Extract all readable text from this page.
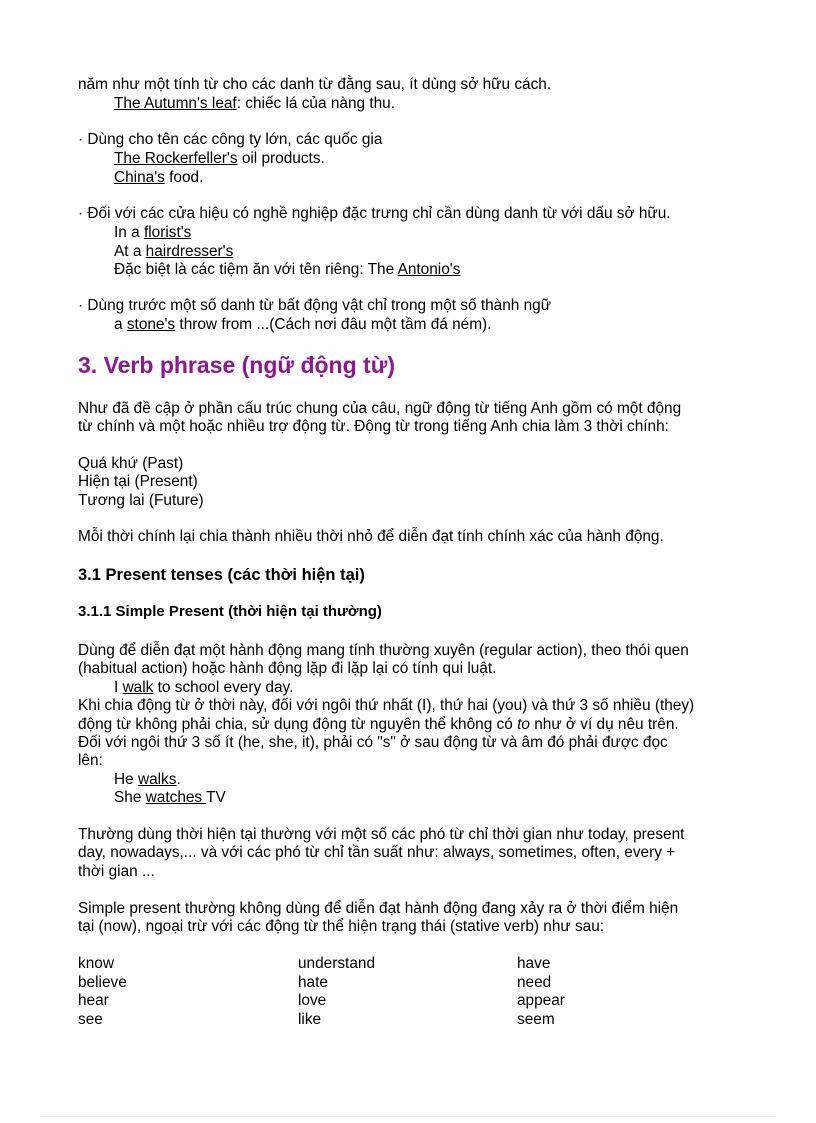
năm như một tính từ cho các danh từ đằng sau, ít dùng sở hữu cách.
The Autumn's leaf: chiếc lá của nàng thu.
· Dùng cho tên các công ty lớn, các quốc gia
The Rockerfeller's oil products.
China's food.
· Đối với các cửa hiệu có nghề nghiệp đặc trưng chỉ cần dùng danh từ với dấu sở hữu.
In a florist's
At a hairdresser's
Đặc biệt là các tiệm ăn với tên riêng: The Antonio's
· Dùng trước một số danh từ bất động vật chỉ trong một số thành ngữ
a stone's throw from ...(Cách nơi đâu một tầm đá ném).
3. Verb phrase (ngữ động từ)
Như đã đề cập ở phần cấu trúc chung của câu, ngữ động từ tiếng Anh gồm có một động
từ chính và một hoặc nhiều trợ động từ. Động từ trong tiếng Anh chia làm 3 thời chính:
Quá khứ (Past)
Hiện tại (Present)
Tương lai (Future)
Mỗi thời chính lại chia thành nhiều thời nhỏ để diễn đạt tính chính xác của hành động.
3.1 Present tenses (các thời hiện tại)
3.1.1 Simple Present (thời hiện tại thường)
Dùng để diễn đạt một hành động mang tính thường xuyên (regular action), theo thói quen
(habitual action) hoặc hành động lặp đi lặp lại có tính qui luật.
I walk to school every day.
Khi chia động từ ở thời này, đối với ngôi thứ nhất (I), thứ hai (you) và thứ 3 số nhiều (they)
động từ không phải chia, sử dụng động từ nguyên thể không có to như ở ví dụ nêu trên.
Đối với ngôi thứ 3 số ít (he, she, it), phải có "s" ở sau động từ và âm đó phải được đọc
lên:
He walks.
She watches TV
Thường dùng thời hiện tại thường với một số các phó từ chỉ thời gian như today, present
day, nowadays,... và với các phó từ chỉ tần suất như: always, sometimes, often, every +
thời gian ...
Simple present thường không dùng để diễn đạt hành động đang xảy ra ở thời điểm hiện
tại (now), ngoại trừ với các động từ thể hiện trạng thái (stative verb) như sau:
know
believe
hear
see
understand
hate
love
like
have
need
appear
seem
